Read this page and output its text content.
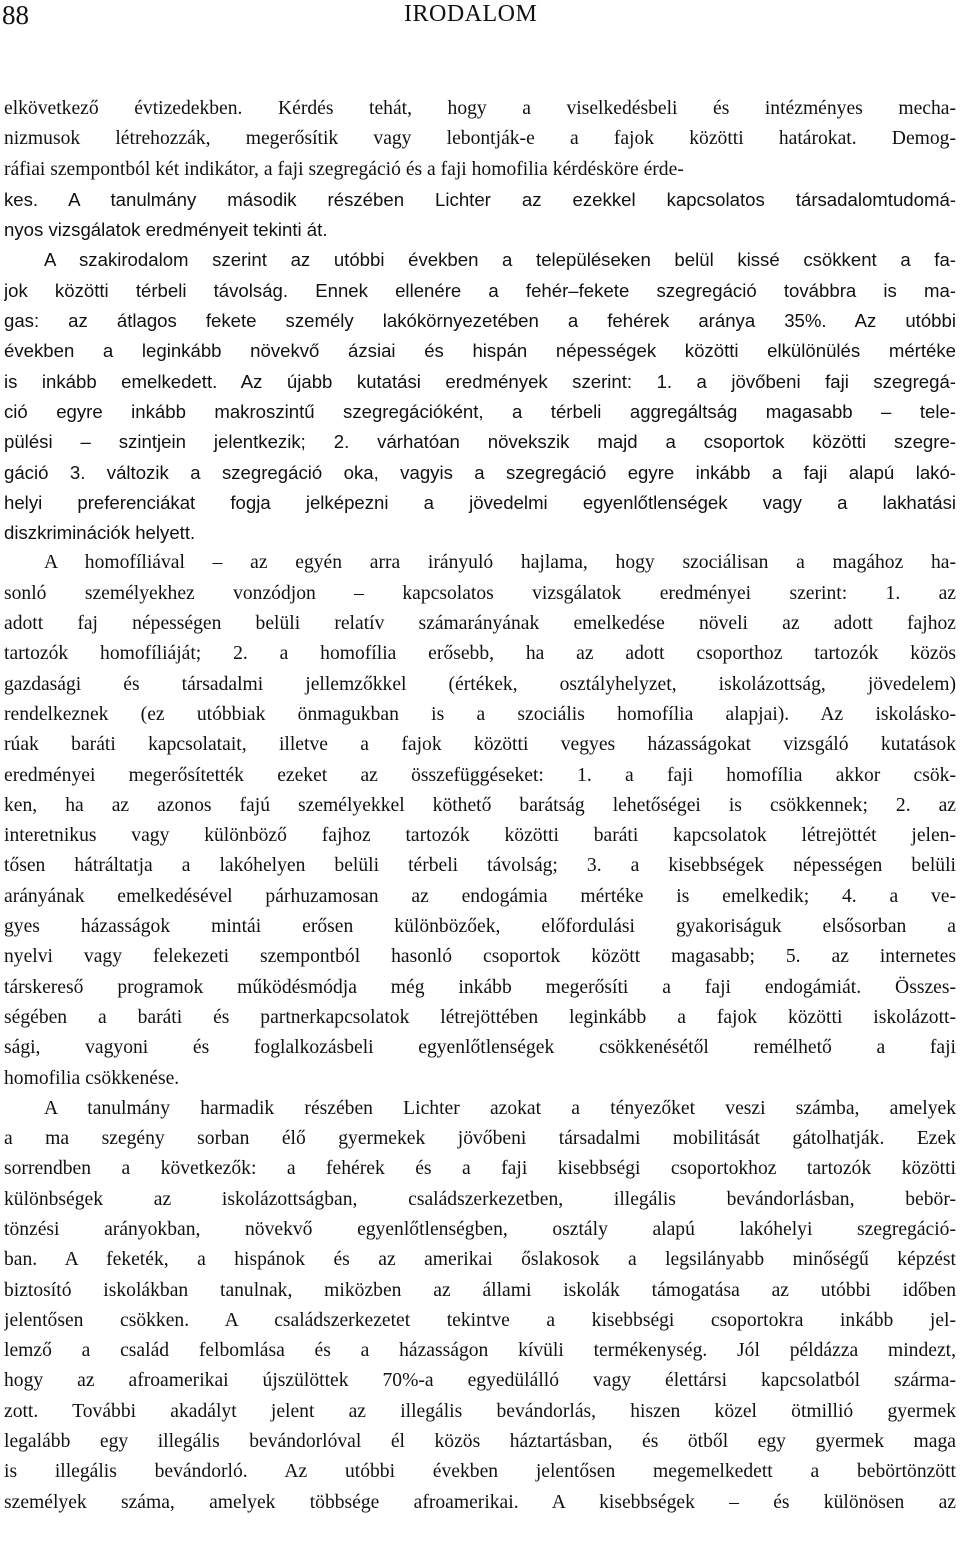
88	IRODALOM
elkövetkező évtizedekben. Kérdés tehát, hogy a viselkedésbeli és intézményes mecha-
nizmusok létrehozzák, megerősítik vagy lebontják-e a fajok közötti határokat. Demog-
ráfiai szempontból két indikátor, a faji szegregáció és a faji homofilia kérdésköre érde-
kes. A tanulmány második részében Lichter az ezekkel kapcsolatos társadalomtudomá-
nyos vizsgálatok eredményeit tekinti át.
A szakirodalom szerint az utóbbi években a településeken belül kissé csökkent a fa-
jok közötti térbeli távolság. Ennek ellenére a fehér–fekete szegregáció továbbra is ma-
gas: az átlagos fekete személy lakókörnyezetében a fehérek aránya 35%. Az utóbbi
években a leginkább növekvő ázsiai és hispán népességek közötti elkülönülés mértéke
is inkább emelkedett. Az újabb kutatási eredmények szerint: 1. a jövőbeni faji szegregá-
ció egyre inkább makroszintű szegregációként, a térbeli aggregáltság magasabb – tele-
pülési – szintjein jelentkezik; 2. várhatóan növekszik majd a csoportok közötti szegre-
gáció 3. változik a szegregáció oka, vagyis a szegregáció egyre inkább a faji alapú lakó-
helyi preferenciákat fogja jelképezni a jövedelmi egyenlőtlenségek vagy a lakhatási
diszkriminációk helyett.
A homofíliával – az egyén arra irányuló hajlama, hogy szociálisan a magához ha-
sonló személyekhez vonzódjon – kapcsolatos vizsgálatok eredményei szerint: 1. az
adott faj népességen belüli relatív számarányának emelkedése növeli az adott fajhoz
tartozók homofíliáját; 2. a homofília erősebb, ha az adott csoporthoz tartozók közös
gazdasági és társadalmi jellemzőkkel (értékek, osztályhelyzet, iskolázottság, jövedelem)
rendelkeznek (ez utóbbiak önmagukban is a szociális homofília alapjai). Az iskolásko-
rúak baráti kapcsolatait, illetve a fajok közötti vegyes házasságokat vizsgáló kutatások
eredményei megerősítették ezeket az összefüggéseket: 1. a faji homofília akkor csök-
ken, ha az azonos fajú személyekkel köthető barátság lehetőségei is csökkennek; 2. az
interetnikus vagy különböző fajhoz tartozók közötti baráti kapcsolatok létrejöttét jelen-
tősen hátráltatja a lakóhelyen belüli térbeli távolság; 3. a kisebbségek népességen belüli
arányának emelkedésével párhuzamosan az endogámia mértéke is emelkedik; 4. a ve-
gyes házasságok mintái erősen különbözőek, előfordulási gyakoriságuk elsősorban a
nyelvi vagy felekezeti szempontból hasonló csoportok között magasabb; 5. az internetes
társkereső programok működésmódja még inkább megerősíti a faji endogámiát. Összes-
ségében a baráti és partnerkapcsolatok létrejöttében leginkább a fajok közötti iskolázott-
sági, vagyoni és foglalkozásbeli egyenlőtlenségek csökkenésétől remélhető a faji
homofilia csökkenése.
A tanulmány harmadik részében Lichter azokat a tényezőket veszi számba, amelyek
a ma szegény sorban élő gyermekek jövőbeni társadalmi mobilitását gátolhatják. Ezek
sorrendben a következők: a fehérek és a faji kisebbségi csoportokhoz tartozók közötti
különbségek az iskolázottságban, családszerkezetben, illegális bevándorlásban, bebör-
tönzési arányokban, növekvő egyenlőtlenségben, osztály alapú lakóhelyi szegregáció-
ban. A feketék, a hispánok és az amerikai őslakosok a legsilányabb minőségű képzést
biztosító iskolákban tanulnak, miközben az állami iskolák támogatása az utóbbi időben
jelentősen csökken. A családszerkezetet tekintve a kisebbségi csoportokra inkább jel-
lemző a család felbomlása és a házasságon kívüli termékenység. Jól példázza mindezt,
hogy az afroamerikai újszülöttek 70%-a egyedülálló vagy élettársi kapcsolatból szárma-
zott. További akadályt jelent az illegális bevándorlás, hiszen közel ötmillió gyermek
legalább egy illegális bevándorlóval él közös háztartásban, és ötből egy gyermek maga
is illegális bevándorló. Az utóbbi években jelentősen megemelkedett a bebörtönzött
személyek száma, amelyek többsége afroamerikai. A kisebbségek – és különösen az
